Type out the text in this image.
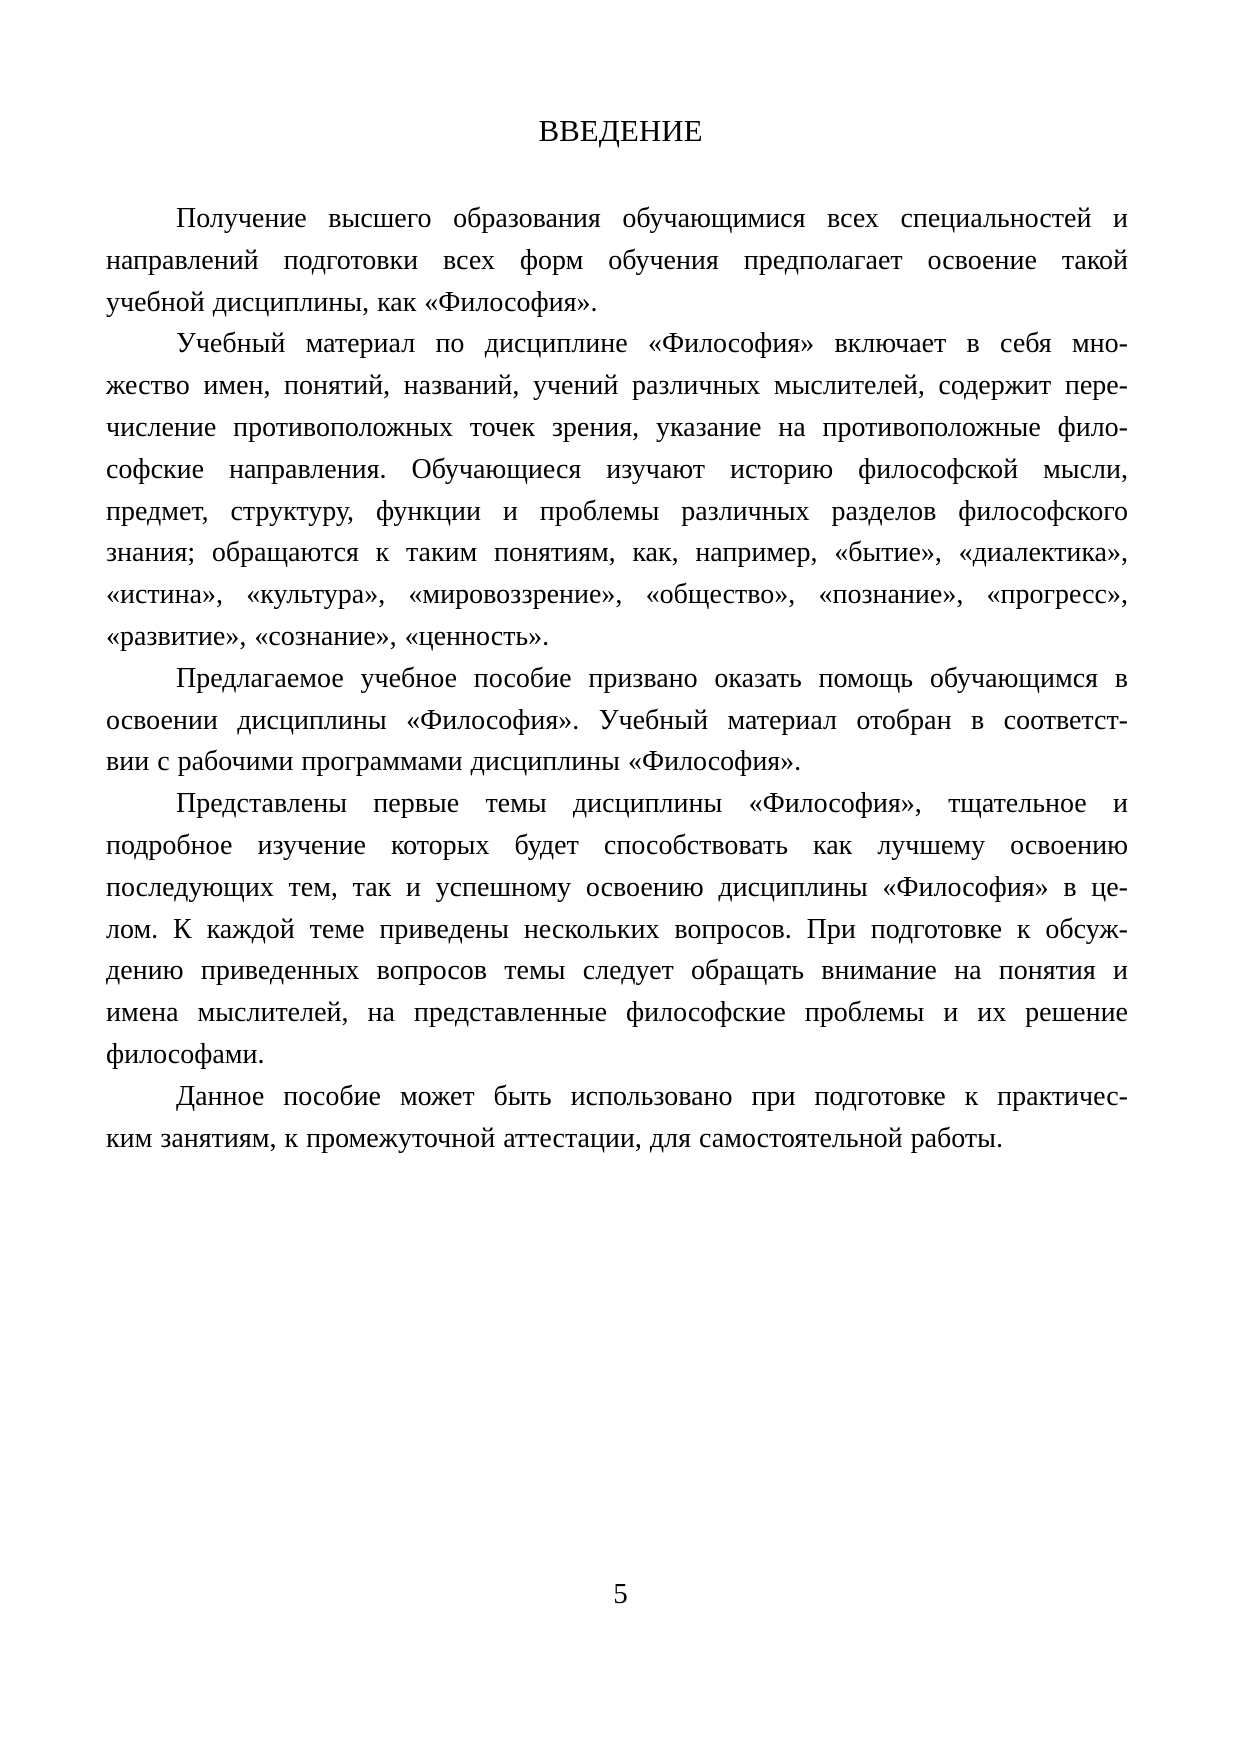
ВВЕДЕНИЕ
Получение высшего образования обучающимися всех специальностей и
направлений подготовки всех форм обучения предполагает освоение такой
учебной дисциплины, как «Философия».
Учебный материал по дисциплине «Философия» включает в себя мно-
жество имен, понятий, названий, учений различных мыслителей, содержит пере-
числение противоположных точек зрения, указание на противоположные фило-
софские направления. Обучающиеся изучают историю философской мысли,
предмет, структуру, функции и проблемы различных разделов философского
знания; обращаются к таким понятиям, как, например, «бытие», «диалектика»,
«истина», «культура», «мировоззрение», «общество», «познание», «прогресс»,
«развитие», «сознание», «ценность».
Предлагаемое учебное пособие призвано оказать помощь обучающимся в
освоении дисциплины «Философия». Учебный материал отобран в соответст-
вии с рабочими программами дисциплины «Философия».
Представлены первые темы дисциплины «Философия», тщательное и
подробное изучение которых будет способствовать как лучшему освоению
последующих тем, так и успешному освоению дисциплины «Философия» в це-
лом. К каждой теме приведены нескольких вопросов. При подготовке к обсуж-
дению приведенных вопросов темы следует обращать внимание на понятия и
имена мыслителей, на представленные философские проблемы и их решение
философами.
Данное пособие может быть использовано при подготовке к практичес-
ким занятиям, к промежуточной аттестации, для самостоятельной работы.
5
